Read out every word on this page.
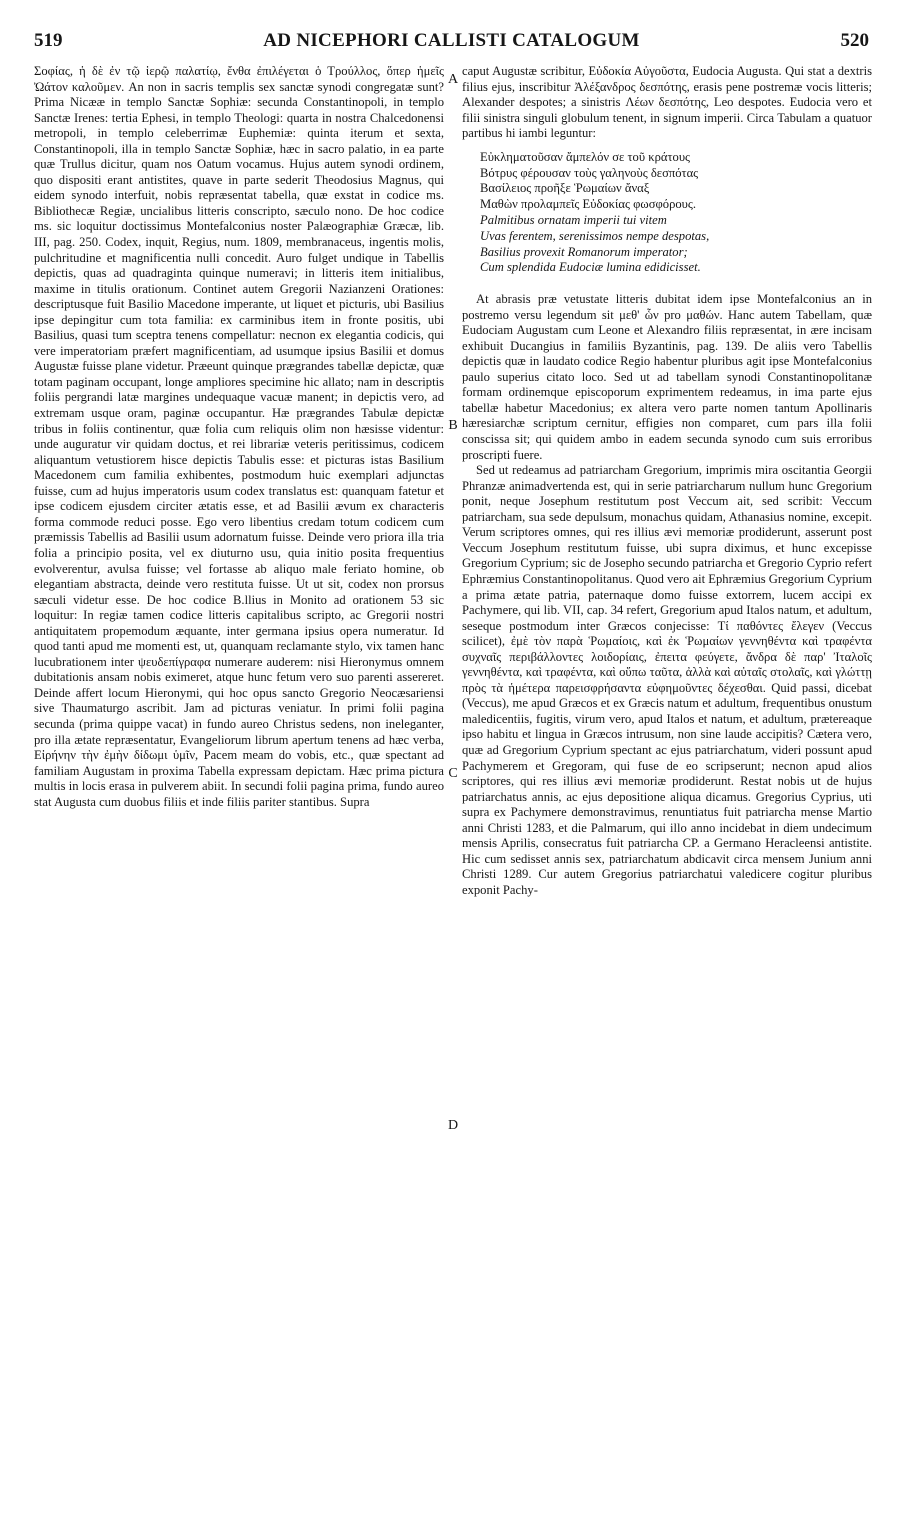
519	AD NICEPHORI CALLISTI CATALOGUM	520

Σοφίας, ἡ δὲ ἐν τῷ ἱερῷ παλατίῳ, ἔνθα ἐπιλέγεται ὁ Τρούλλος, ὅπερ ἡμεῖς Ὠάτον καλοῦμεν. An non in sacris templis sex sanctæ synodi congregatæ sunt? Prima Nicææ in templo Sanctæ Sophiæ: secunda Constantinopoli, in templo Sanctæ Irenes: tertia Ephesi, in templo Theologi: quarta in nostra Chalcedonensi metropoli, in templo celeberrimæ Euphemiæ: quinta iterum et sexta, Constantinopoli, illa in templo Sanctæ Sophiæ, hæc in sacro palatio, in ea parte quæ Trullus dicitur, quam nos Oatum vocamus. Hujus autem synodi ordinem, quo dispositi erant antistites, quave in parte sederit Theodosius Magnus, qui eidem synodo interfuit, nobis repræsentat tabella, quæ exstat in codice ms. Bibliothecæ Regiæ, uncialibus litteris conscripto, sæculo nono. De hoc codice ms. sic loquitur doctissimus Montefalconius noster Palæographiæ Græcæ, lib. III, pag. 250. Codex, inquit, Regius, num. 1809, membranaceus, ingentis molis, pulchritudine et magnificentia nulli concedit. Auro fulget undique in Tabellis depictis, quas ad quadraginta quinque numeravi; in litteris item initialibus, maxime in titulis orationum. Continet autem Gregorii Nazianzeni Orationes: descriptusque fuit Basilio Macedone imperante, ut liquet et picturis, ubi Basilius ipse depingitur cum tota familia: ex carminibus item in fronte positis, ubi Basilius, quasi tum sceptra tenens compellatur: necnon ex elegantia codicis, qui vere imperatoriam præfert magnificentiam, ad usumque ipsius Basilii et domus Augustæ fuisse plane videtur. Præeunt quinque prægrandes tabellæ depictæ, quæ totam paginam occupant, longe ampliores specimine hic allato; nam in descriptis foliis pergrandi latæ margines undequaque vacuæ manent; in depictis vero, ad extremam usque oram, paginæ occupantur. Hæ prægrandes Tabulæ depictæ tribus in foliis continentur, quæ folia cum reliquis olim non hæsisse videntur: unde auguratur vir quidam doctus, et rei librariæ veteris peritissimus, codicem aliquantum vetustiorem hisce depictis Tabulis esse: et picturas istas Basilium Macedonem cum familia exhibentes, postmodum huic exemplari adjunctas fuisse, cum ad hujus imperatoris usum codex translatus est: quanquam fatetur et ipse codicem ejusdem circiter ætatis esse, et ad Basilii ævum ex characteris forma commode reduci posse. Ego vero libentius credam totum codicem cum præmissis Tabellis ad Basilii usum adornatum fuisse. Deinde vero priora illa tria folia a principio posita, vel ex diuturno usu, quia initio posita frequentius evolverentur, avulsa fuisse; vel fortasse ab aliquo male feriato homine, ob elegantiam abstracta, deinde vero restituta fuisse. Ut ut sit, codex non prorsus sæculi videtur esse. De hoc codice B.llius in Monito ad orationem 53 sic loquitur: In regiæ tamen codice litteris capitalibus scripto, ac Gregorii nostri antiquitatem propemodum æquante, inter germana ipsius opera numeratur. Id quod tanti apud me momenti est, ut, quanquam reclamante stylo, vix tamen hanc lucubrationem inter ψευδεπίγραφα numerare auderem: nisi Hieronymus omnem dubitationis ansam nobis eximeret, atque hunc fetum vero suo parenti assereret. Deinde affert locum Hieronymi, qui hoc opus sancto Gregorio Neocæsariensi sive Thaumaturgo ascribit. Jam ad picturas veniatur. In primi folii pagina secunda (prima quippe vacat) in fundo aureo Christus sedens, non ineleganter, pro illa ætate repræsentatur, Evangeliorum librum apertum tenens ad hæc verba, Εἰρήνην τὴν ἐμὴν δίδωμι ὑμῖν, Pacem meam do vobis, etc., quæ spectant ad familiam Augustam in proxima Tabella expressam depictam. Hæc prima pictura multis in locis erasa in pulverem abiit. In secundi folii pagina prima, fundo aureo stat Augusta cum duobus filiis et inde filiis pariter stantibus. Supra

A
B
C
D

caput Augustæ scribitur, Εὐδοκία Αὐγοῦστα, Eudocia Augusta. Qui stat a dextris filius ejus, inscribitur Ἀλέξανδρος δεσπότης, erasis pene postremæ vocis litteris; Alexander despotes; a sinistris Λέων δεσπότης, Leo despotes. Eudocia vero et filii sinistra singuli globulum tenent, in signum imperii. Circa Tabulam a quatuor partibus hi iambi leguntur:

Εὐκληματοῦσαν ἄμπελόν σε τοῦ κράτους
Βότρυς φέρουσαν τοὺς γαληνοὺς δεσπότας
Βασίλειος προῆξε Ῥωμαίων ἄναξ
Μαθὼν προλαμπεῖς Εὐδοκίας φωσφόρους.
Palmitibus ornatam imperii tui vitem
Uvas ferentem, serenissimos nempe despotas,
Basilius provexit Romanorum imperator;
Cum splendida Eudociæ lumina edidicisset.

At abrasis præ vetustate litteris dubitat idem ipse Montefalconius an in postremo versu legendum sit μεθ' ὧν pro μαθών. Hanc autem Tabellam, quæ Eudociam Augustam cum Leone et Alexandro filiis repræsentat, in ære incisam exhibuit Ducangius in familiis Byzantinis, pag. 139. De aliis vero Tabellis depictis quæ in laudato codice Regio habentur pluribus agit ipse Montefalconius paulo superius citato loco. Sed ut ad tabellam synodi Constantinopolitanæ formam ordinemque episcoporum exprimentem redeamus, in ima parte ejus tabellæ habetur Macedonius; ex altera vero parte nomen tantum Apollinaris hæresiarchæ scriptum cernitur, effigies non comparet, cum pars illa folii conscissa sit; qui quidem ambo in eadem secunda synodo cum suis erroribus proscripti fuere.

Sed ut redeamus ad patriarcham Gregorium, imprimis mira oscitantia Georgii Phranzæ animadvertenda est, qui in serie patriarcharum nullum hunc Gregorium ponit, neque Josephum restitutum post Veccum ait, sed scribit: Veccum patriarcham, sua sede depulsum, monachus quidam, Athanasius nomine, excepit. Verum scriptores omnes, qui res illius ævi memoriæ prodiderunt, asserunt post Veccum Josephum restitutum fuisse, ubi supra diximus, et hunc excepisse Gregorium Cyprium; sic de Josepho secundo patriarcha et Gregorio Cyprio refert Ephræmius Constantinopolitanus. Quod vero ait Ephræmius Gregorium Cyprium a prima ætate patria, paternaque domo fuisse extorrem, lucem accipi ex Pachymere, qui lib. VII, cap. 34 refert, Gregorium apud Italos natum, et adultum, seseque postmodum inter Græcos conjecisse: Τί παθόντες ἔλεγεν (Veccus scilicet), ἐμὲ τὸν παρὰ Ῥωμαίοις, καὶ ἐκ Ῥωμαίων γεννηθέντα καὶ τραφέντα συχναῖς περιβάλλοντες λοιδορίαις, ἐπειτα φεύγετε, ἄνδρα δὲ παρ' Ἰταλοῖς γεννηθέντα, καὶ τραφέντα, καὶ οὕπω ταῦτα, ἀλλὰ καὶ αὐταῖς στολαῖς, καὶ γλώττῃ πρὸς τὰ ἡμέτερα παρεισφρήσαντα εὐφημοῦντες δέχεσθαι. Quid passi, dicebat (Veccus), me apud Græcos et ex Græcis natum et adultum, frequentibus onustum maledicentiis, fugitis, virum vero, apud Italos et natum, et adultum, prætereaque ipso habitu et lingua in Græcos intrusum, non sine laude accipitis? Cætera vero, quæ ad Gregorium Cyprium spectant ac ejus patriarchatum, videri possunt apud Pachymerem et Gregoram, qui fuse de eo scripserunt; necnon apud alios scriptores, qui res illius ævi memoriæ prodiderunt. Restat nobis ut de hujus patriarchatus annis, ac ejus depositione aliqua dicamus. Gregorius Cyprius, uti supra ex Pachymere demonstravimus, renuntiatus fuit patriarcha mense Martio anni Christi 1283, et die Palmarum, qui illo anno incidebat in diem undecimum mensis Aprilis, consecratus fuit patriarcha CP. a Germano Heracleensi antistite. Hic cum sedisset annis sex, patriarchatum abdicavit circa mensem Junium anni Christi 1289. Cur autem Gregorius patriarchatui valedicere cogitur pluribus exponit Pachy-
